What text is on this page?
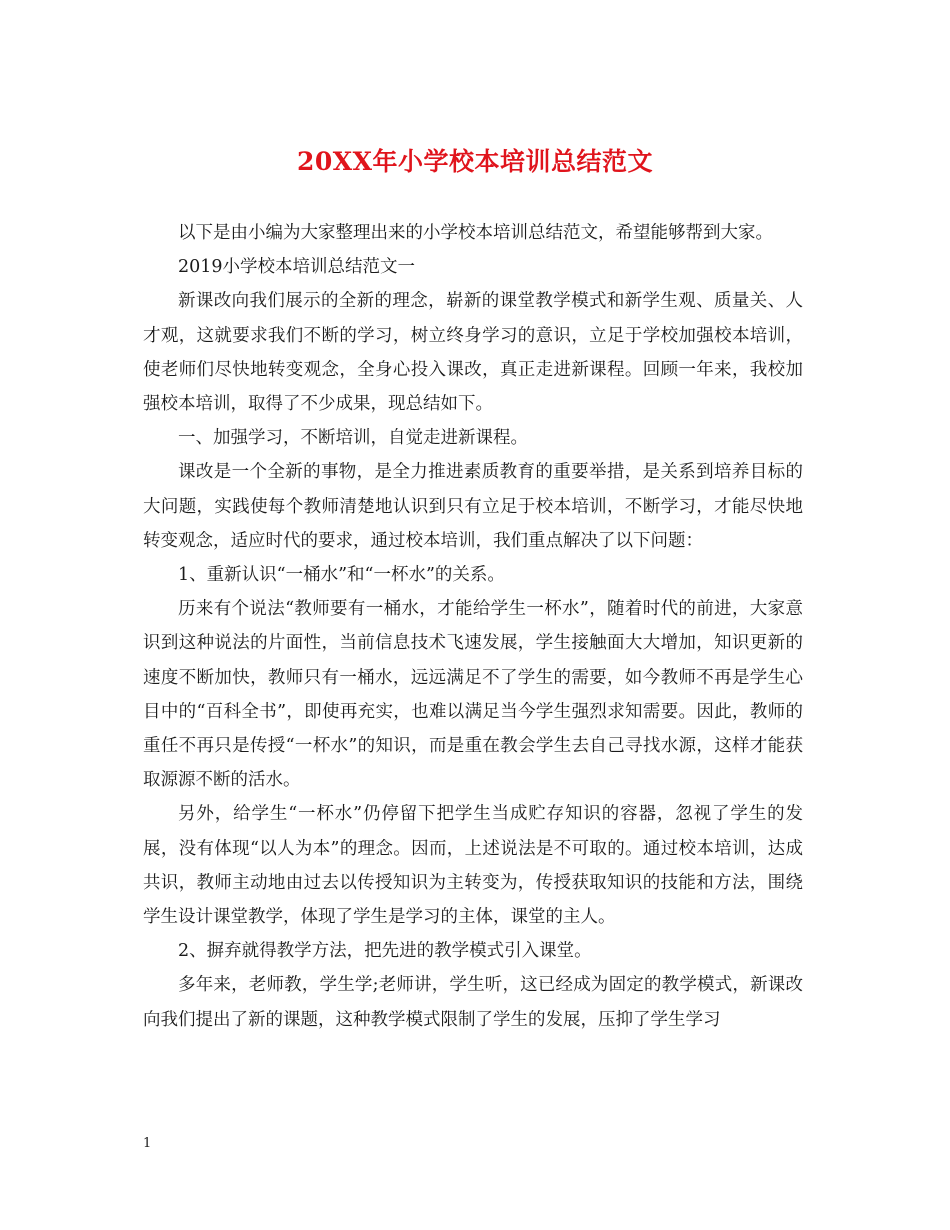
20XX年小学校本培训总结范文

以下是由小编为大家整理出来的小学校本培训总结范文，希望能够帮到大家。

2019小学校本培训总结范文一

新课改向我们展示的全新的理念，崭新的课堂教学模式和新学生观、质量关、人才观，这就要求我们不断的学习，树立终身学习的意识，立足于学校加强校本培训，使老师们尽快地转变观念，全身心投入课改，真正走进新课程。回顾一年来，我校加强校本培训，取得了不少成果，现总结如下。

一、加强学习，不断培训，自觉走进新课程。

课改是一个全新的事物，是全力推进素质教育的重要举措，是关系到培养目标的大问题，实践使每个教师清楚地认识到只有立足于校本培训，不断学习，才能尽快地转变观念，适应时代的要求，通过校本培训，我们重点解决了以下问题：

1、重新认识“一桶水”和“一杯水”的关系。

历来有个说法“教师要有一桶水，才能给学生一杯水”，随着时代的前进，大家意识到这种说法的片面性，当前信息技术飞速发展，学生接触面大大增加，知识更新的速度不断加快，教师只有一桶水，远远满足不了学生的需要，如今教师不再是学生心目中的“百科全书”，即使再充实，也难以满足当今学生强烈求知需要。因此，教师的重任不再只是传授“一杯水”的知识，而是重在教会学生去自己寻找水源，这样才能获取源源不断的活水。

另外，给学生“一杯水”仍停留下把学生当成贮存知识的容器，忽视了学生的发展，没有体现“以人为本”的理念。因而，上述说法是不可取的。通过校本培训，达成共识，教师主动地由过去以传授知识为主转变为，传授获取知识的技能和方法，围绕学生设计课堂教学，体现了学生是学习的主体，课堂的主人。

2、摒弃就得教学方法，把先进的教学模式引入课堂。

多年来，老师教，学生学;老师讲，学生听，这已经成为固定的教学模式，新课改向我们提出了新的课题，这种教学模式限制了学生的发展，压抑了学生学习

1
